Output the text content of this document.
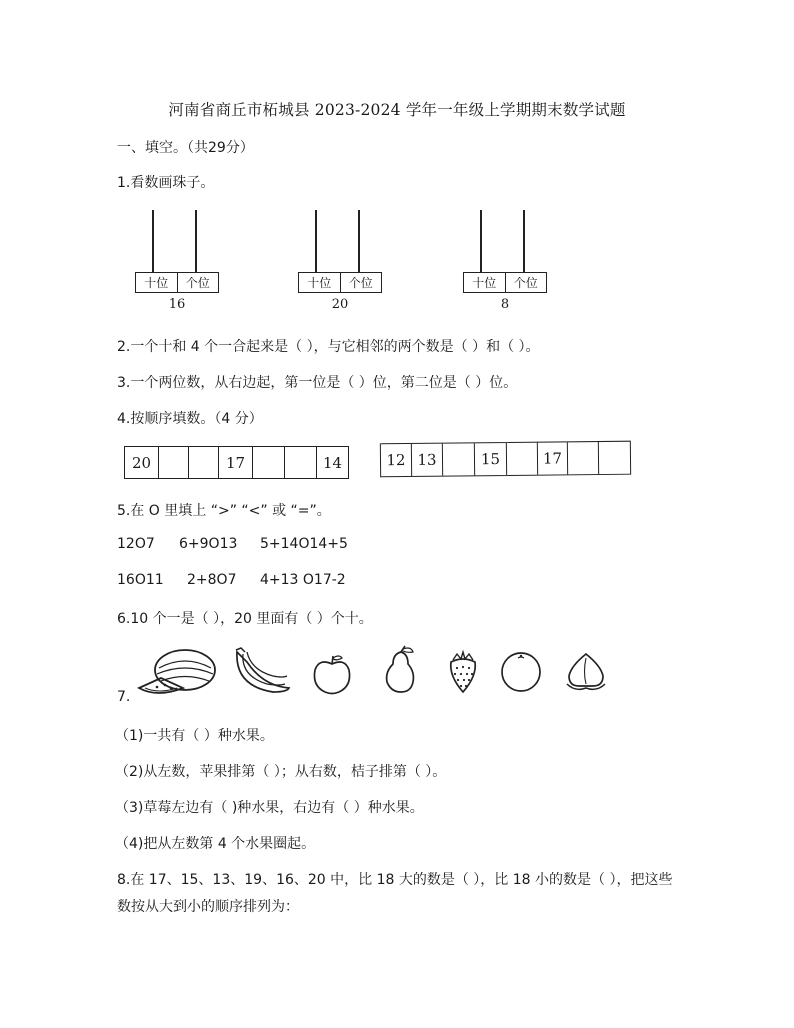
河南省商丘市柘城县 2023-2024 学年一年级上学期期末数学试题
一、填空。（共29分）
1.看数画珠子。
十位	个位
16
十位	个位
20
十位	个位
8
2.一个十和 4 个一合起来是（ ），与它相邻的两个数是（ ）和（ ）。
3.一个两位数，从右边起，第一位是（ ）位，第二位是（ ）位。
4.按顺序填数。（4 分）
20	17	14	12 13	15	17
5.在 O 里填上 “>” “<” 或 “=”。
12O7 6+9O13 5+14O14+5
16O11 2+8O7 4+13 O17-2
6.10 个一是（ ），20 里面有（ ）个十。
7.
（1)一共有（ ）种水果。
（2)从左数，苹果排第（ ）；从右数，桔子排第（ ）。
（3)草莓左边有（ )种水果，右边有（ ）种水果。
（4)把从左数第 4 个水果圈起。
8.在 17、15、13、19、16、20 中，比 18 大的数是（ ），比 18 小的数是（ ），把这些
数按从大到小的顺序排列为：
